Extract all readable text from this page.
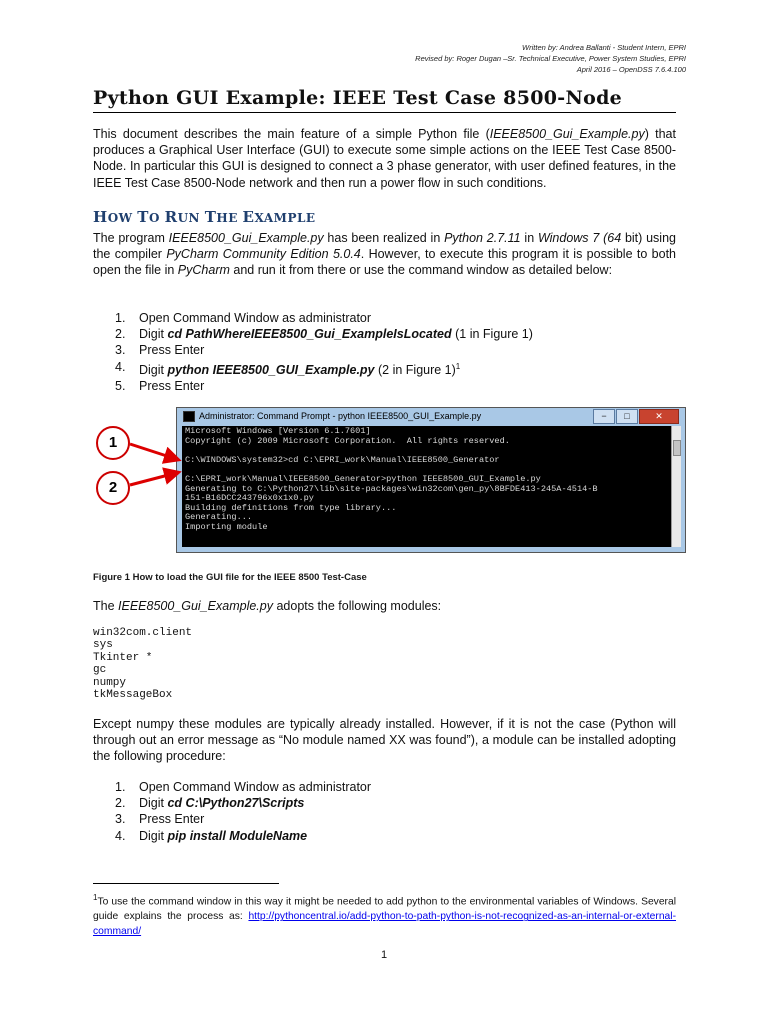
Written by: Andrea Ballanti - Student Intern, EPRI
Revised by: Roger Dugan –Sr. Technical Executive, Power System Studies, EPRI
April 2016 – OpenDSS 7.6.4.100
Python GUI Example: IEEE Test Case 8500-Node
This document describes the main feature of a simple Python file (IEEE8500_Gui_Example.py) that produces a Graphical User Interface (GUI) to execute some simple actions on the IEEE Test Case 8500-Node. In particular this GUI is designed to connect a 3 phase generator, with user defined features, in the IEEE Test Case 8500-Node network and then run a power flow in such conditions.
HOW TO RUN THE EXAMPLE
The program IEEE8500_Gui_Example.py has been realized in Python 2.7.11 in Windows 7 (64 bit) using the compiler PyCharm Community Edition 5.0.4. However, to execute this program it is possible to both open the file in PyCharm and run it from there or use the command window as detailed below:
1. Open Command Window as administrator
2. Digit cd PathWhereIEEE8500_Gui_ExampleIsLocated (1 in Figure 1)
3. Press Enter
4. Digit python IEEE8500_GUI_Example.py (2 in Figure 1)$^1$
5. Press Enter
Administrator: Command Prompt - python IEEE8500_GUI_Example.py	−	□	✕
Microsoft Windows [Version 6.1.7601]
Copyright (c) 2009 Microsoft Corporation.  All rights reserved.

C:\WINDOWS\system32>cd C:\EPRI_work\Manual\IEEE8500_Generator

C:\EPRI_work\Manual\IEEE8500_Generator>python IEEE8500_GUI_Example.py
Generating to C:\Python27\lib\site-packages\win32com\gen_py\8BFDE413-245A-4514-B
151-B16DCC243796x0x1x0.py
Building definitions from type library...
Generating...
Importing module
1
2
Figure 1 How to load the GUI file for the IEEE 8500 Test-Case
The IEEE8500_Gui_Example.py adopts the following modules:
win32com.client
sys
Tkinter *
gc
numpy
tkMessageBox
Except numpy these modules are typically already installed. However, if it is not the case (Python will through out an error message as “No module named XX was found”), a module can be installed adopting the following procedure:
1. Open Command Window as administrator
2. Digit cd C:\Python27\Scripts
3. Press Enter
4. Digit pip install ModuleName
$^1$To use the command window in this way it might be needed to add python to the environmental variables of Windows. Several guide explains the process as: http://pythoncentral.io/add-python-to-path-python-is-not-recognized-as-an-internal-or-external-command/
1
